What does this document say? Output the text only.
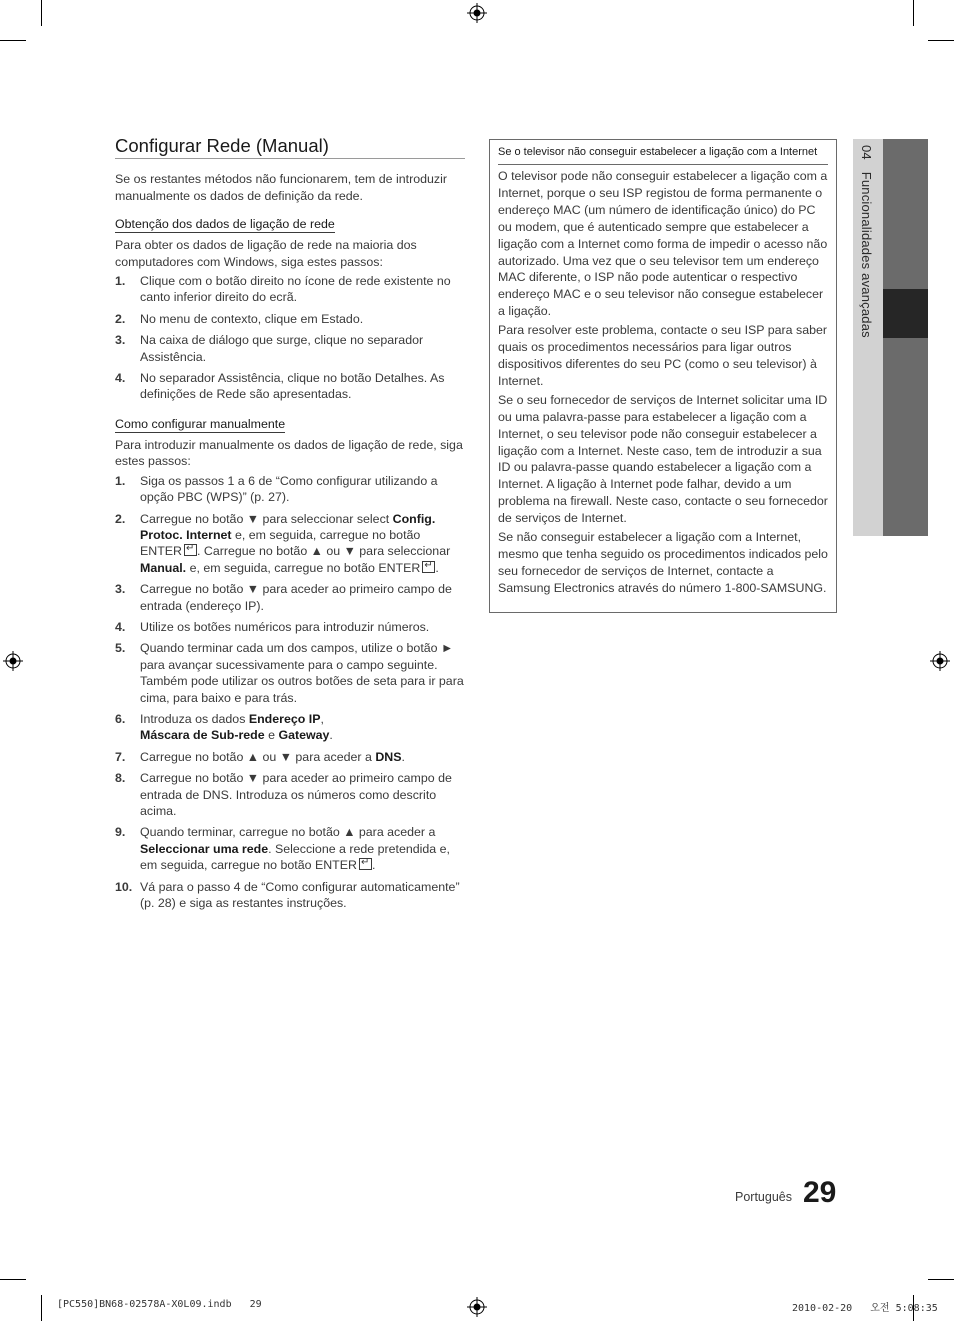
Configurar Rede (Manual)

Se os restantes métodos não funcionarem, tem de introduzir manualmente os dados de definição da rede.

Obtenção dos dados de ligação de rede

Para obter os dados de ligação de rede na maioria dos computadores com Windows, siga estes passos:

1. Clique com o botão direito no ícone de rede existente no canto inferior direito do ecrã.
2. No menu de contexto, clique em Estado.
3. Na caixa de diálogo que surge, clique no separador Assistência.
4. No separador Assistência, clique no botão Detalhes. As definições de Rede são apresentadas.
Como configurar manualmente

Para introduzir manualmente os dados de ligação de rede, siga estes passos:

1. Siga os passos 1 a 6 de “Como configurar utilizando a opção PBC (WPS)” (p. 27).
2. Carregue no botão ▼ para seleccionar select Config. Protoc. Internet e, em seguida, carregue no botão ENTER ↵ . Carregue no botão ▲ ou ▼ para seleccionar Manual. e, em seguida, carregue no botão ENTER ↵ .
3. Carregue no botão ▼ para aceder ao primeiro campo de entrada (endereço IP).
4. Utilize os botões numéricos para introduzir números.
5. Quando terminar cada um dos campos, utilize o botão ► para avançar sucessivamente para o campo seguinte. Também pode utilizar os outros botões de seta para ir para cima, para baixo e para trás.
6. Introduza os dados Endereço IP,
Máscara de Sub-rede e Gateway.
7. Carregue no botão ▲ ou ▼ para aceder a DNS.
8. Carregue no botão ▼ para aceder ao primeiro campo de entrada de DNS. Introduza os números como descrito acima.
9. Quando terminar, carregue no botão ▲ para aceder a Seleccionar uma rede. Seleccione a rede pretendida e, em seguida, carregue no botão ENTER ↵ .
10. Vá para o passo 4 de “Como configurar automaticamente” (p. 28) e siga as restantes instruções.
Se o televisor não conseguir estabelecer a ligação com a Internet

O televisor pode não conseguir estabelecer a ligação com a Internet, porque o seu ISP registou de forma permanente o endereço MAC (um número de identificação único) do PC ou modem, que é autenticado sempre que estabelecer a ligação com a Internet como forma de impedir o acesso não autorizado. Uma vez que o seu televisor tem um endereço MAC diferente, o ISP não pode autenticar o respectivo endereço MAC e o seu televisor não consegue estabelecer a ligação.

Para resolver este problema, contacte o seu ISP para saber quais os procedimentos necessários para ligar outros dispositivos diferentes do seu PC (como o seu televisor) à Internet.

Se o seu fornecedor de serviços de Internet solicitar uma ID ou uma palavra-passe para estabelecer a ligação com a Internet, o seu televisor pode não conseguir estabelecer a ligação com a Internet. Neste caso, tem de introduzir a sua ID ou palavra-passe quando estabelecer a ligação com a Internet. A ligação à Internet pode falhar, devido a um problema na firewall. Neste caso, contacte o seu fornecedor de serviços de Internet.

Se não conseguir estabelecer a ligação com a Internet, mesmo que tenha seguido os procedimentos indicados pelo seu fornecedor de serviços de Internet, contacte a Samsung Electronics através do número 1-800-SAMSUNG.

04 Funcionalidades avançadas
Português 29
[PC550]BN68-02578A-X0L09.indb   29	2010-02-20   오전 5:08:35
